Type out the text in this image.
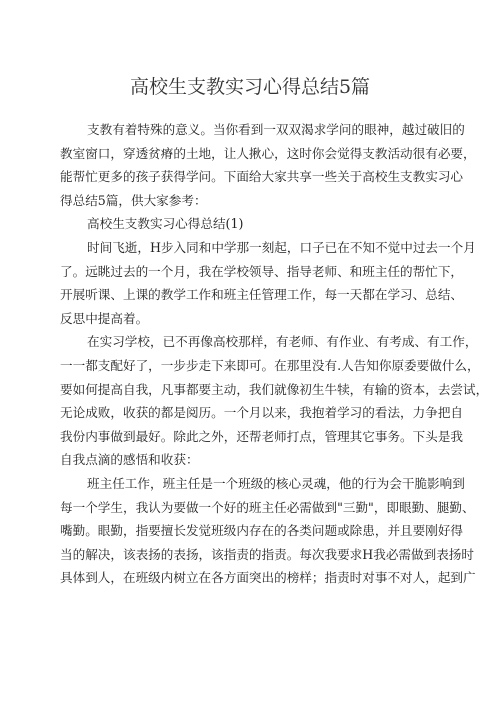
高校生支教实习心得总结5篇
支教有着特殊的意义。当你看到一双双渴求学问的眼神，越过破旧的
教室窗口，穿透贫瘠的土地，让人揪心，这时你会觉得支教活动很有必要，
能帮忙更多的孩子获得学问。下面给大家共享一些关于高校生支教实习心
得总结5篇，供大家参考：
高校生支教实习心得总结(1)
时间飞逝，H步入同和中学那一刻起，口子已在不知不觉中过去一个月
了。远眺过去的一个月，我在学校领导、指导老师、和班主任的帮忙下，
开展听课、上课的教学工作和班主任管理工作，每一天都在学习、总结、
反思中提高着。
在实习学校，已不再像高校那样，有老师、有作业、有考成、有工作，
一一都支配好了，一步步走下来即可。在那里没有.人告知你原委要做什么，
要如何提高自我，凡事都要主动，我们就像初生牛犊，有输的资本，去尝试，
无论成败，收获的都是阅历。一个月以来，我抱着学习的看法，力争把自
我份内事做到最好。除此之外，还帮老师打点，管理其它事务。下头是我
自我点滴的感悟和收获：
班主任工作，班主任是一个班级的核心灵魂，他的行为会干脆影响到
每一个学生，我认为要做一个好的班主任必需做到"三勤"，即眼勤、腿勤、
嘴勤。眼勤，指要擅长发觉班级内存在的各类问题或除患，并且要刚好得
当的解决，该表扬的表扬，该指责的指责。每次我要求H我必需做到表扬时
具体到人，在班级内树立在各方面突出的榜样；指责时对事不对人，起到广
